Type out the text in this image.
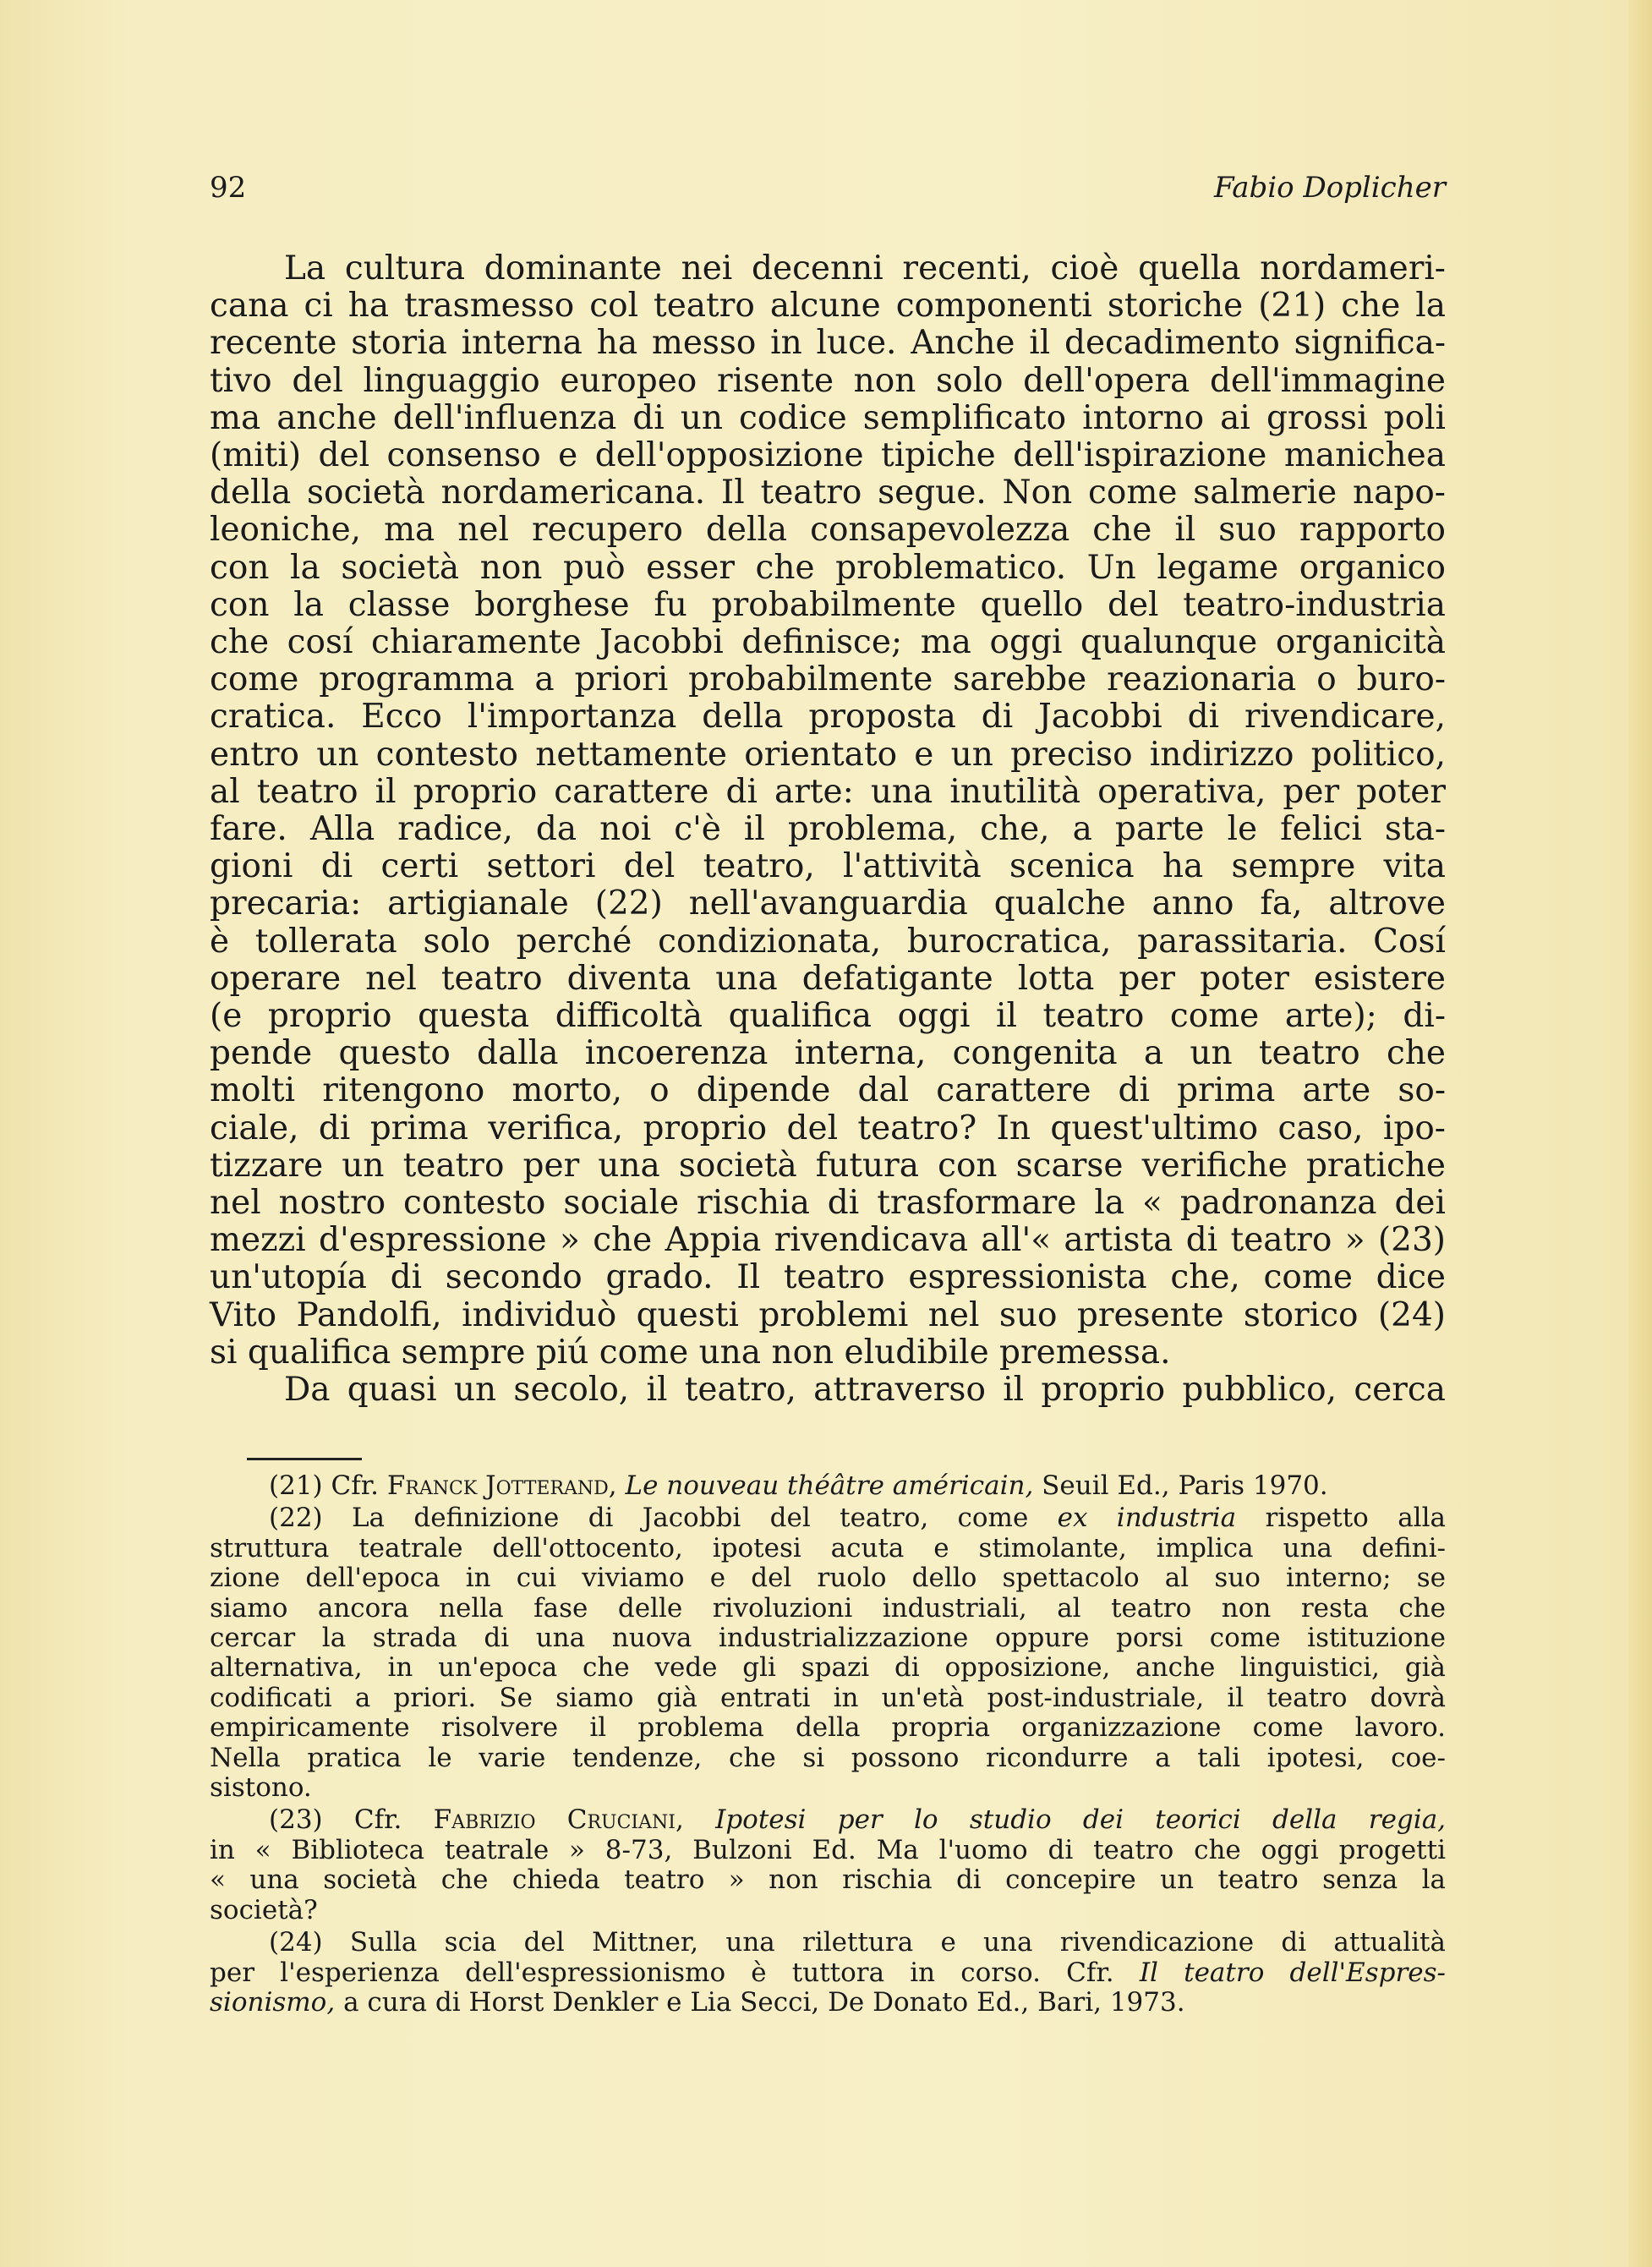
92	Fabio Doplicher
La cultura dominante nei decenni recenti, cioè quella nordameri-
cana ci ha trasmesso col teatro alcune componenti storiche (21) che la
recente storia interna ha messo in luce. Anche il decadimento significa-
tivo del linguaggio europeo risente non solo dell'opera dell'immagine
ma anche dell'influenza di un codice semplificato intorno ai grossi poli
(miti) del consenso e dell'opposizione tipiche dell'ispirazione manichea
della società nordamericana. Il teatro segue. Non come salmerie napo-
leoniche, ma nel recupero della consapevolezza che il suo rapporto
con la società non può esser che problematico. Un legame organico
con la classe borghese fu probabilmente quello del teatro-industria
che cosí chiaramente Jacobbi definisce; ma oggi qualunque organicità
come programma a priori probabilmente sarebbe reazionaria o buro-
cratica. Ecco l'importanza della proposta di Jacobbi di rivendicare,
entro un contesto nettamente orientato e un preciso indirizzo politico,
al teatro il proprio carattere di arte: una inutilità operativa, per poter
fare. Alla radice, da noi c'è il problema, che, a parte le felici sta-
gioni di certi settori del teatro, l'attività scenica ha sempre vita
precaria: artigianale (22) nell'avanguardia qualche anno fa, altrove
è tollerata solo perché condizionata, burocratica, parassitaria. Cosí
operare nel teatro diventa una defatigante lotta per poter esistere
(e proprio questa difficoltà qualifica oggi il teatro come arte); di-
pende questo dalla incoerenza interna, congenita a un teatro che
molti ritengono morto, o dipende dal carattere di prima arte so-
ciale, di prima verifica, proprio del teatro? In quest'ultimo caso, ipo-
tizzare un teatro per una società futura con scarse verifiche pratiche
nel nostro contesto sociale rischia di trasformare la « padronanza dei
mezzi d'espressione » che Appia rivendicava all'« artista di teatro » (23)
un'utopía di secondo grado. Il teatro espressionista che, come dice
Vito Pandolfi, individuò questi problemi nel suo presente storico (24)
si qualifica sempre piú come una non eludibile premessa.
Da quasi un secolo, il teatro, attraverso il proprio pubblico, cerca
(21) Cfr. Franck Jotterand, Le nouveau théâtre américain, Seuil Ed., Paris 1970.
(22) La definizione di Jacobbi del teatro, come ex industria rispetto alla
struttura teatrale dell'ottocento, ipotesi acuta e stimolante, implica una defini-
zione dell'epoca in cui viviamo e del ruolo dello spettacolo al suo interno; se
siamo ancora nella fase delle rivoluzioni industriali, al teatro non resta che
cercar la strada di una nuova industrializzazione oppure porsi come istituzione
alternativa, in un'epoca che vede gli spazi di opposizione, anche linguistici, già
codificati a priori. Se siamo già entrati in un'età post-industriale, il teatro dovrà
empiricamente risolvere il problema della propria organizzazione come lavoro.
Nella pratica le varie tendenze, che si possono ricondurre a tali ipotesi, coe-
sistono.
(23) Cfr. Fabrizio Cruciani, Ipotesi per lo studio dei teorici della regia,
in « Biblioteca teatrale » 8-73, Bulzoni Ed. Ma l'uomo di teatro che oggi progetti
« una società che chieda teatro » non rischia di concepire un teatro senza la
società?
(24) Sulla scia del Mittner, una rilettura e una rivendicazione di attualità
per l'esperienza dell'espressionismo è tuttora in corso. Cfr. Il teatro dell'Espres-
sionismo, a cura di Horst Denkler e Lia Secci, De Donato Ed., Bari, 1973.
